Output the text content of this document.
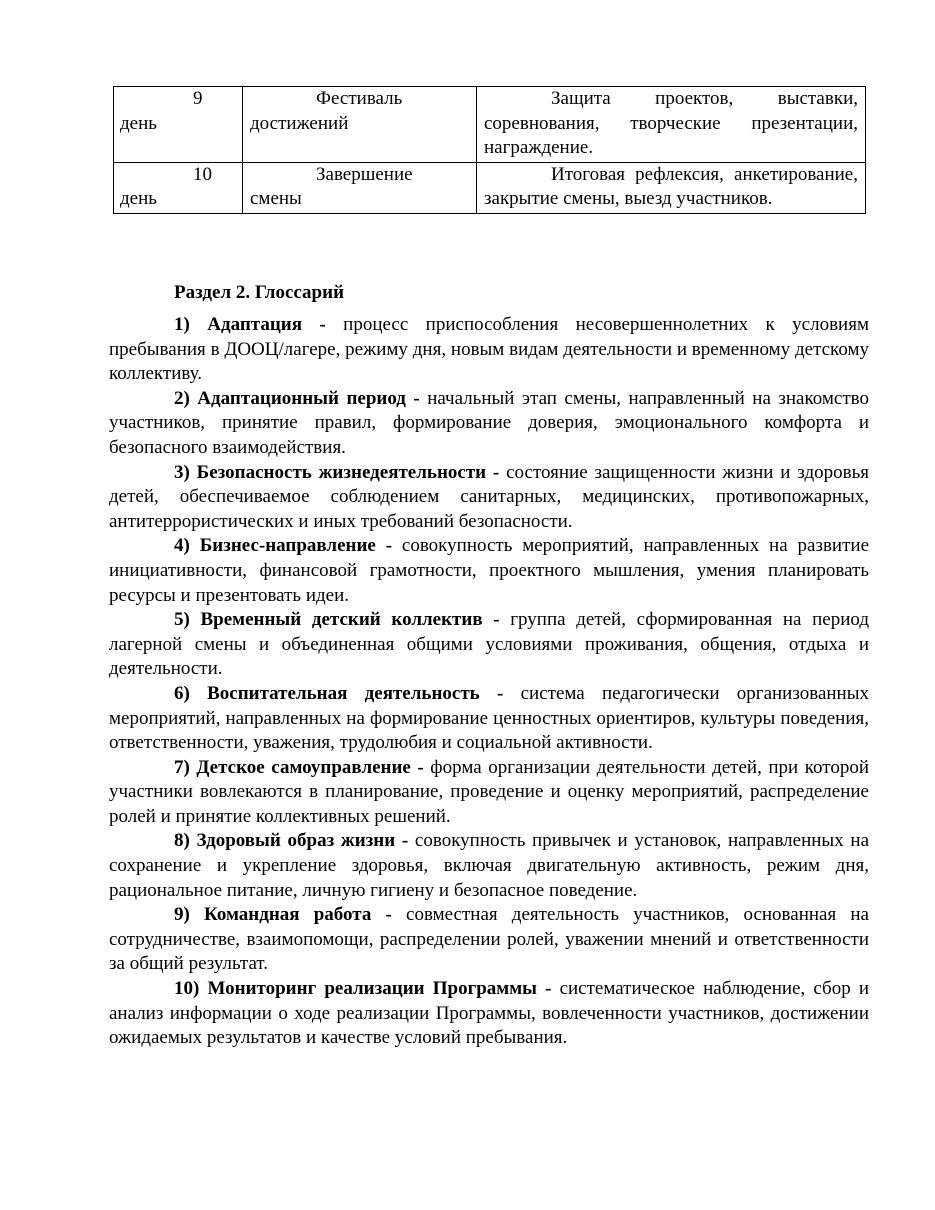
9
день	Фестиваль достижений	Защита проектов, выставки, соревнования, творческие презентации, награждение.

10
день	Завершение смены	Итоговая рефлексия, анкетирование, закрытие смены, выезд участников.
Раздел 2. Глоссарий

1) Адаптация - процесс приспособления несовершеннолетних к условиям пребывания в ДООЦ/лагере, режиму дня, новым видам деятельности и временному детскому коллективу.

2) Адаптационный период - начальный этап смены, направленный на знакомство участников, принятие правил, формирование доверия, эмоционального комфорта и безопасного взаимодействия.

3) Безопасность жизнедеятельности - состояние защищенности жизни и здоровья детей, обеспечиваемое соблюдением санитарных, медицинских, противопожарных, антитеррористических и иных требований безопасности.

4) Бизнес-направление - совокупность мероприятий, направленных на развитие инициативности, финансовой грамотности, проектного мышления, умения планировать ресурсы и презентовать идеи.

5) Временный детский коллектив - группа детей, сформированная на период лагерной смены и объединенная общими условиями проживания, общения, отдыха и деятельности.

6) Воспитательная деятельность - система педагогически организованных мероприятий, направленных на формирование ценностных ориентиров, культуры поведения, ответственности, уважения, трудолюбия и социальной активности.

7) Детское самоуправление - форма организации деятельности детей, при которой участники вовлекаются в планирование, проведение и оценку мероприятий, распределение ролей и принятие коллективных решений.

8) Здоровый образ жизни - совокупность привычек и установок, направленных на сохранение и укрепление здоровья, включая двигательную активность, режим дня, рациональное питание, личную гигиену и безопасное поведение.

9) Командная работа - совместная деятельность участников, основанная на сотрудничестве, взаимопомощи, распределении ролей, уважении мнений и ответственности за общий результат.

10) Мониторинг реализации Программы - систематическое наблюдение, сбор и анализ информации о ходе реализации Программы, вовлеченности участников, достижении ожидаемых результатов и качестве условий пребывания.
